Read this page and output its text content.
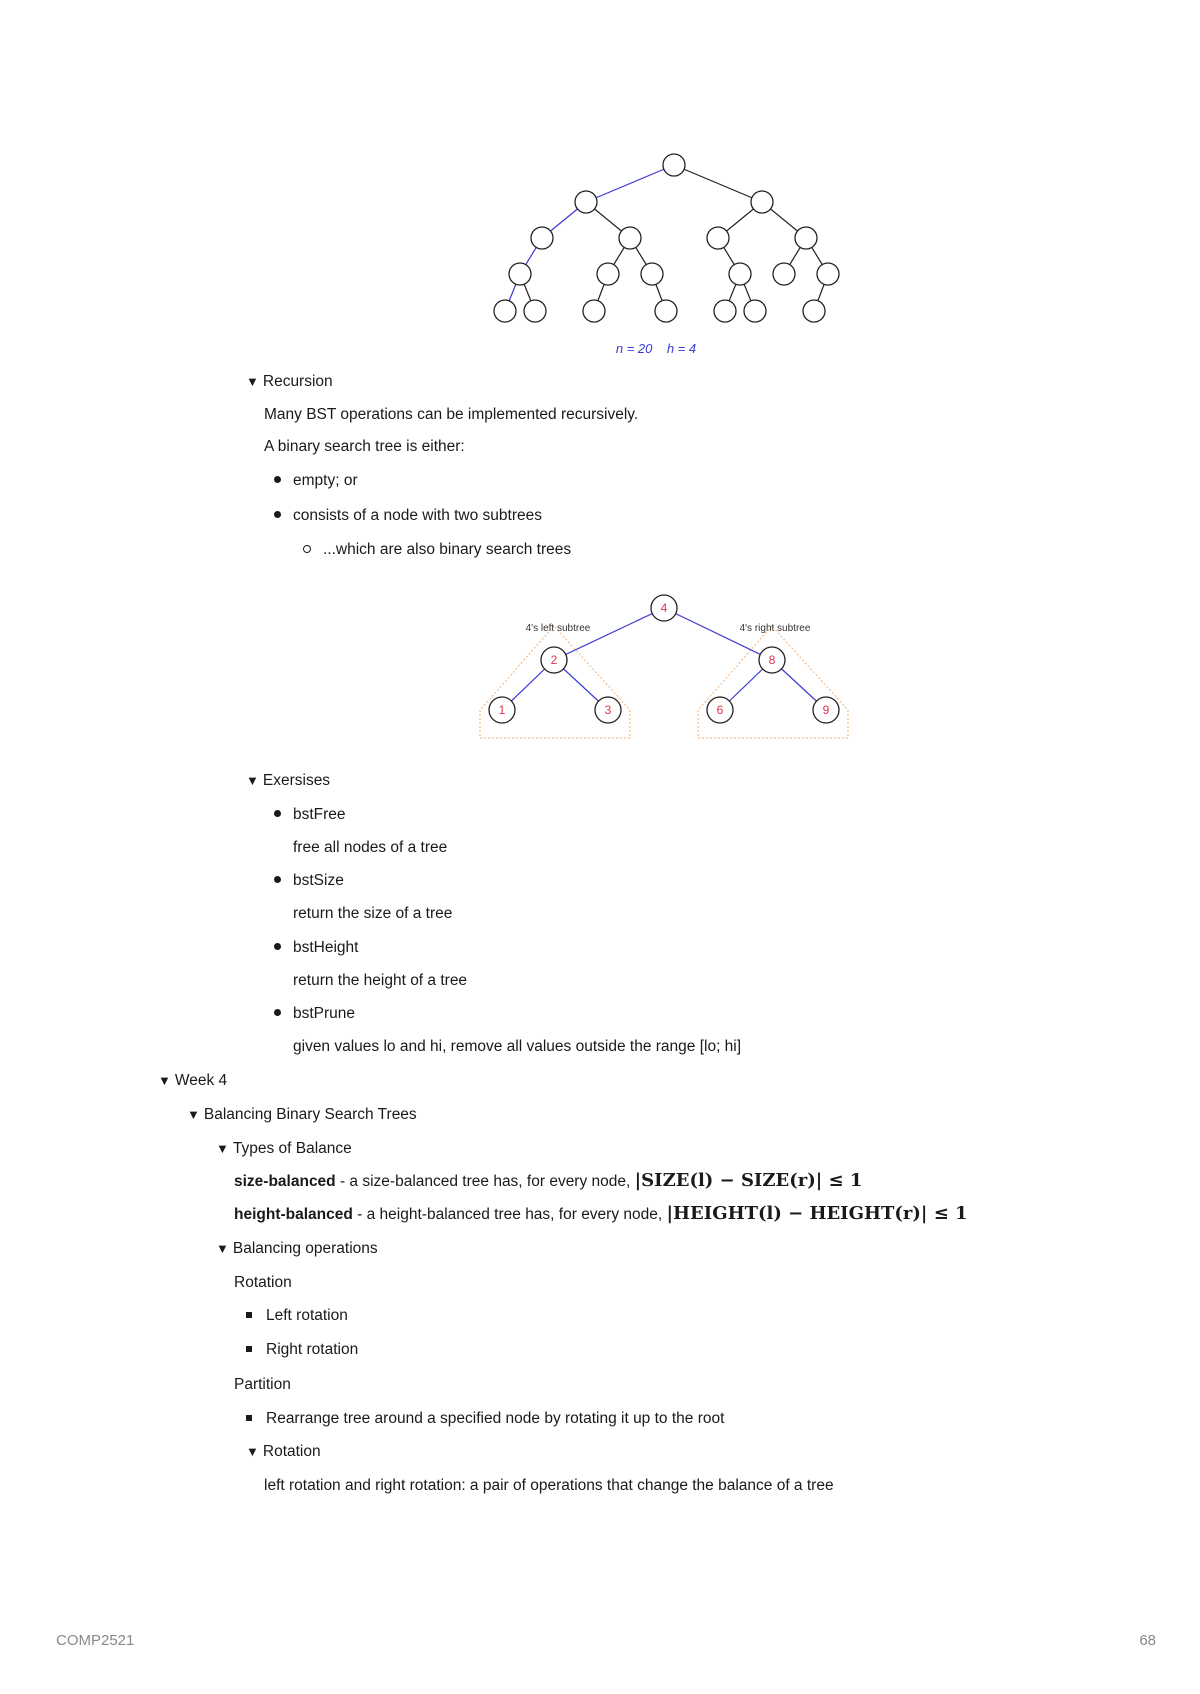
n = 20    h = 4
▼ Recursion
Many BST operations can be implemented recursively.
A binary search tree is either:
empty; or
consists of a node with two subtrees
...which are also binary search trees
4's left subtree	4's right subtree
4
2	8
1	3	6	9
▼ Exersises
bstFree
free all nodes of a tree
bstSize
return the size of a tree
bstHeight
return the height of a tree
bstPrune
given values lo and hi, remove all values outside the range [lo; hi]
▼ Week 4
▼ Balancing Binary Search Trees
▼ Types of Balance
size-balanced - a size-balanced tree has, for every node, |SIZE(l) − SIZE(r)| ≤ 1
height-balanced - a height-balanced tree has, for every node, |HEIGHT(l) − HEIGHT(r)| ≤ 1
▼ Balancing operations
Rotation
Left rotation
Right rotation
Partition
Rearrange tree around a specified node by rotating it up to the root
▼ Rotation
left rotation and right rotation: a pair of operations that change the balance of a tree
COMP2521	68
